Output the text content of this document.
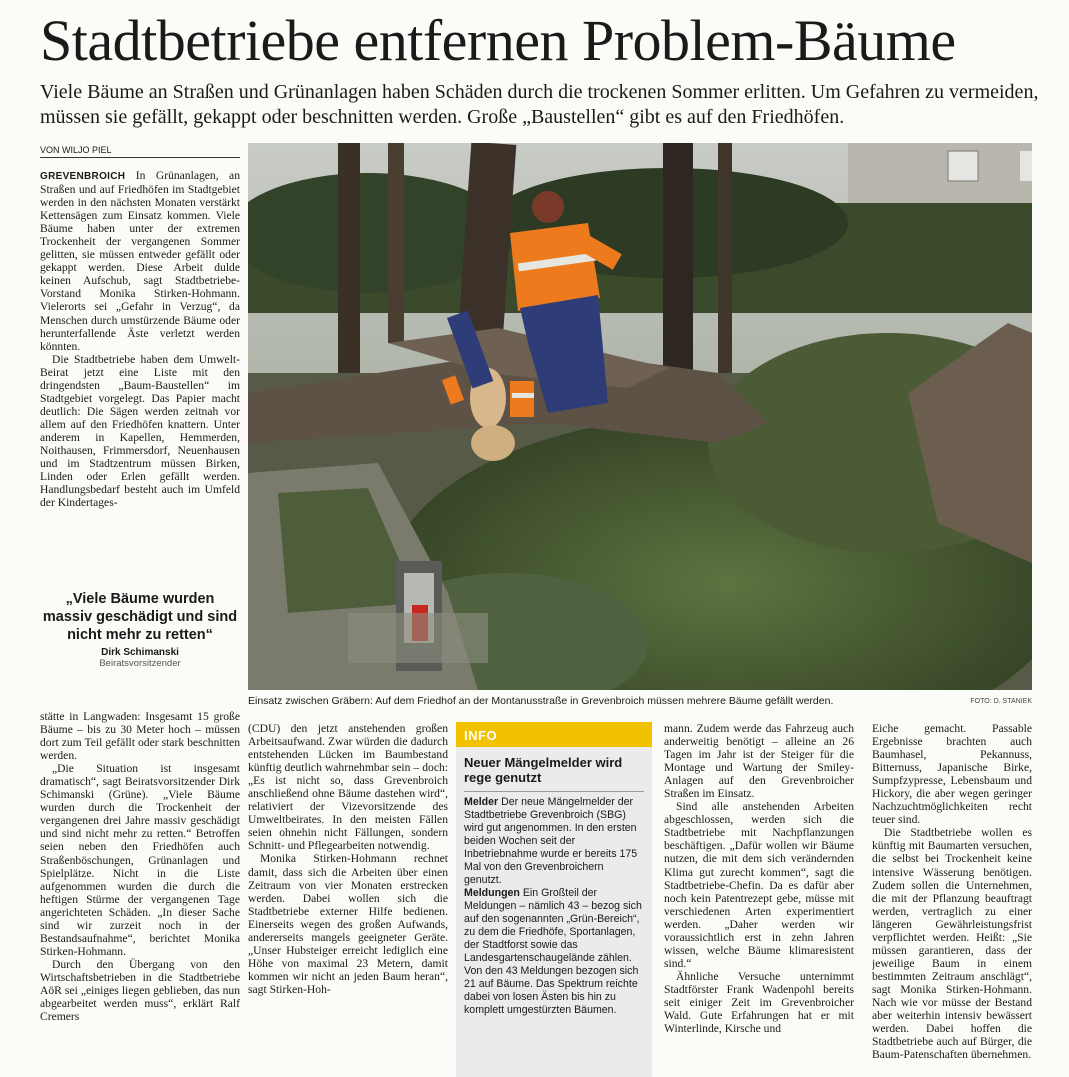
Stadtbetriebe entfernen Problem-Bäume

Viele Bäume an Straßen und Grünanlagen haben Schäden durch die trockenen Sommer erlitten. Um Gefahren zu vermeiden, müssen sie gefällt, gekappt oder beschnitten werden. Große „Baustellen“ gibt es auf den Friedhöfen.

VON WILJO PIEL

GREVENBROICH In Grünanlagen, an Straßen und auf Friedhöfen im Stadtgebiet werden in den nächsten Monaten verstärkt Kettensägen zum Einsatz kommen. Viele Bäume haben unter der extremen Trockenheit der vergangenen Sommer gelitten, sie müssen entweder gefällt oder gekappt werden. Diese Arbeit dulde keinen Aufschub, sagt Stadtbetriebe-Vorstand Monika Stirken-Hohmann. Vielerorts sei „Gefahr in Verzug“, da Menschen durch umstürzende Bäume oder herunterfallende Äste verletzt werden könnten.

Die Stadtbetriebe haben dem Umwelt-Beirat jetzt eine Liste mit den dringendsten „Baum-Baustellen“ im Stadtgebiet vorgelegt. Das Papier macht deutlich: Die Sägen werden zeitnah vor allem auf den Friedhöfen knattern. Unter anderem in Kapellen, Hemmerden, Noithausen, Frimmersdorf, Neuenhausen und im Stadtzentrum müssen Birken, Linden oder Erlen gefällt werden. Handlungsbedarf besteht auch im Umfeld der Kindertages-

„Viele Bäume wurden massiv geschädigt und sind nicht mehr zu retten“
Dirk Schimanski
Beiratsvorsitzender
Einsatz zwischen Gräbern: Auf dem Friedhof an der Montanusstraße in Grevenbroich müssen mehrere Bäume gefällt werden.	FOTO: D. STANIEK

stätte in Langwaden: Insgesamt 15 große Bäume – bis zu 30 Meter hoch – müssen dort zum Teil gefällt oder stark beschnitten werden.

„Die Situation ist insgesamt dramatisch“, sagt Beiratsvorsitzender Dirk Schimanski (Grüne). „Viele Bäume wurden durch die Trockenheit der vergangenen drei Jahre massiv geschädigt und sind nicht mehr zu retten.“ Betroffen seien neben den Friedhöfen auch Straßenböschungen, Grünanlagen und Spielplätze. Nicht in die Liste aufgenommen wurden die durch die heftigen Stürme der vergangenen Tage angerichteten Schäden. „In dieser Sache sind wir zurzeit noch in der Bestandsaufnahme“, berichtet Monika Stirken-Hohmann.

Durch den Übergang von den Wirtschaftsbetrieben in die Stadtbetriebe AöR sei „einiges liegen geblieben, das nun abgearbeitet werden muss“, erklärt Ralf Cremers

(CDU) den jetzt anstehenden großen Arbeitsaufwand. Zwar würden die dadurch entstehenden Lücken im Baumbestand künftig deutlich wahrnehmbar sein – doch: „Es ist nicht so, dass Grevenbroich anschließend ohne Bäume dastehen wird“, relativiert der Vizevorsitzende des Umweltbeirates. In den meisten Fällen seien ohnehin nicht Fällungen, sondern Schnitt- und Pflegearbeiten notwendig.

Monika Stirken-Hohmann rechnet damit, dass sich die Arbeiten über einen Zeitraum von vier Monaten erstrecken werden. Dabei wollen sich die Stadtbetriebe externer Hilfe bedienen. Einerseits wegen des großen Aufwands, andererseits mangels geeigneter Geräte. „Unser Hubsteiger erreicht lediglich eine Höhe von maximal 23 Metern, damit kommen wir nicht an jeden Baum heran“, sagt Stirken-Hoh-

INFO
Neuer Mängelmelder wird rege genutzt

Melder Der neue Mängelmelder der Stadtbetriebe Grevenbroich (SBG) wird gut angenommen. In den ersten beiden Wochen seit der Inbetriebnahme wurde er bereits 175 Mal von den Grevenbroichern genutzt.

Meldungen Ein Großteil der Meldungen – nämlich 43 – bezog sich auf den sogenannten „Grün-Bereich“, zu dem die Friedhöfe, Sportanlagen, der Stadtforst sowie das Landesgartenschaugelände zählen. Von den 43 Meldungen bezogen sich 21 auf Bäume. Das Spektrum reichte dabei von losen Ästen bis hin zu komplett umgestürzten Bäumen.

mann. Zudem werde das Fahrzeug auch anderweitig benötigt – alleine an 26 Tagen im Jahr ist der Steiger für die Montage und Wartung der Smiley-Anlagen auf den Grevenbroicher Straßen im Einsatz.

Sind alle anstehenden Arbeiten abgeschlossen, werden sich die Stadtbetriebe mit Nachpflanzungen beschäftigen. „Dafür wollen wir Bäume nutzen, die mit dem sich verändernden Klima gut zurecht kommen“, sagt die Stadtbetriebe-Chefin. Da es dafür aber noch kein Patentrezept gebe, müsse mit verschiedenen Arten experimentiert werden. „Daher werden wir voraussichtlich erst in zehn Jahren wissen, welche Bäume klimaresistent sind.“

Ähnliche Versuche unternimmt Stadtförster Frank Wadenpohl bereits seit einiger Zeit im Grevenbroicher Wald. Gute Erfahrungen hat er mit Winterlinde, Kirsche und

Eiche gemacht. Passable Ergebnisse brachten auch Baumhasel, Pekannuss, Bitternuss, Japanische Birke, Sumpfzypresse, Lebensbaum und Hickory, die aber wegen geringer Nachzuchtmöglichkeiten recht teuer sind.

Die Stadtbetriebe wollen es künftig mit Baumarten versuchen, die selbst bei Trockenheit keine intensive Wässerung benötigen. Zudem sollen die Unternehmen, die mit der Pflanzung beauftragt werden, vertraglich zu einer längeren Gewährleistungsfrist verpflichtet werden. Heißt: „Sie müssen garantieren, dass der jeweilige Baum in einem bestimmten Zeitraum anschlägt“, sagt Monika Stirken-Hohmann. Nach wie vor müsse der Bestand aber weiterhin intensiv bewässert werden. Dabei hoffen die Stadtbetriebe auch auf Bürger, die Baum-Patenschaften übernehmen.
